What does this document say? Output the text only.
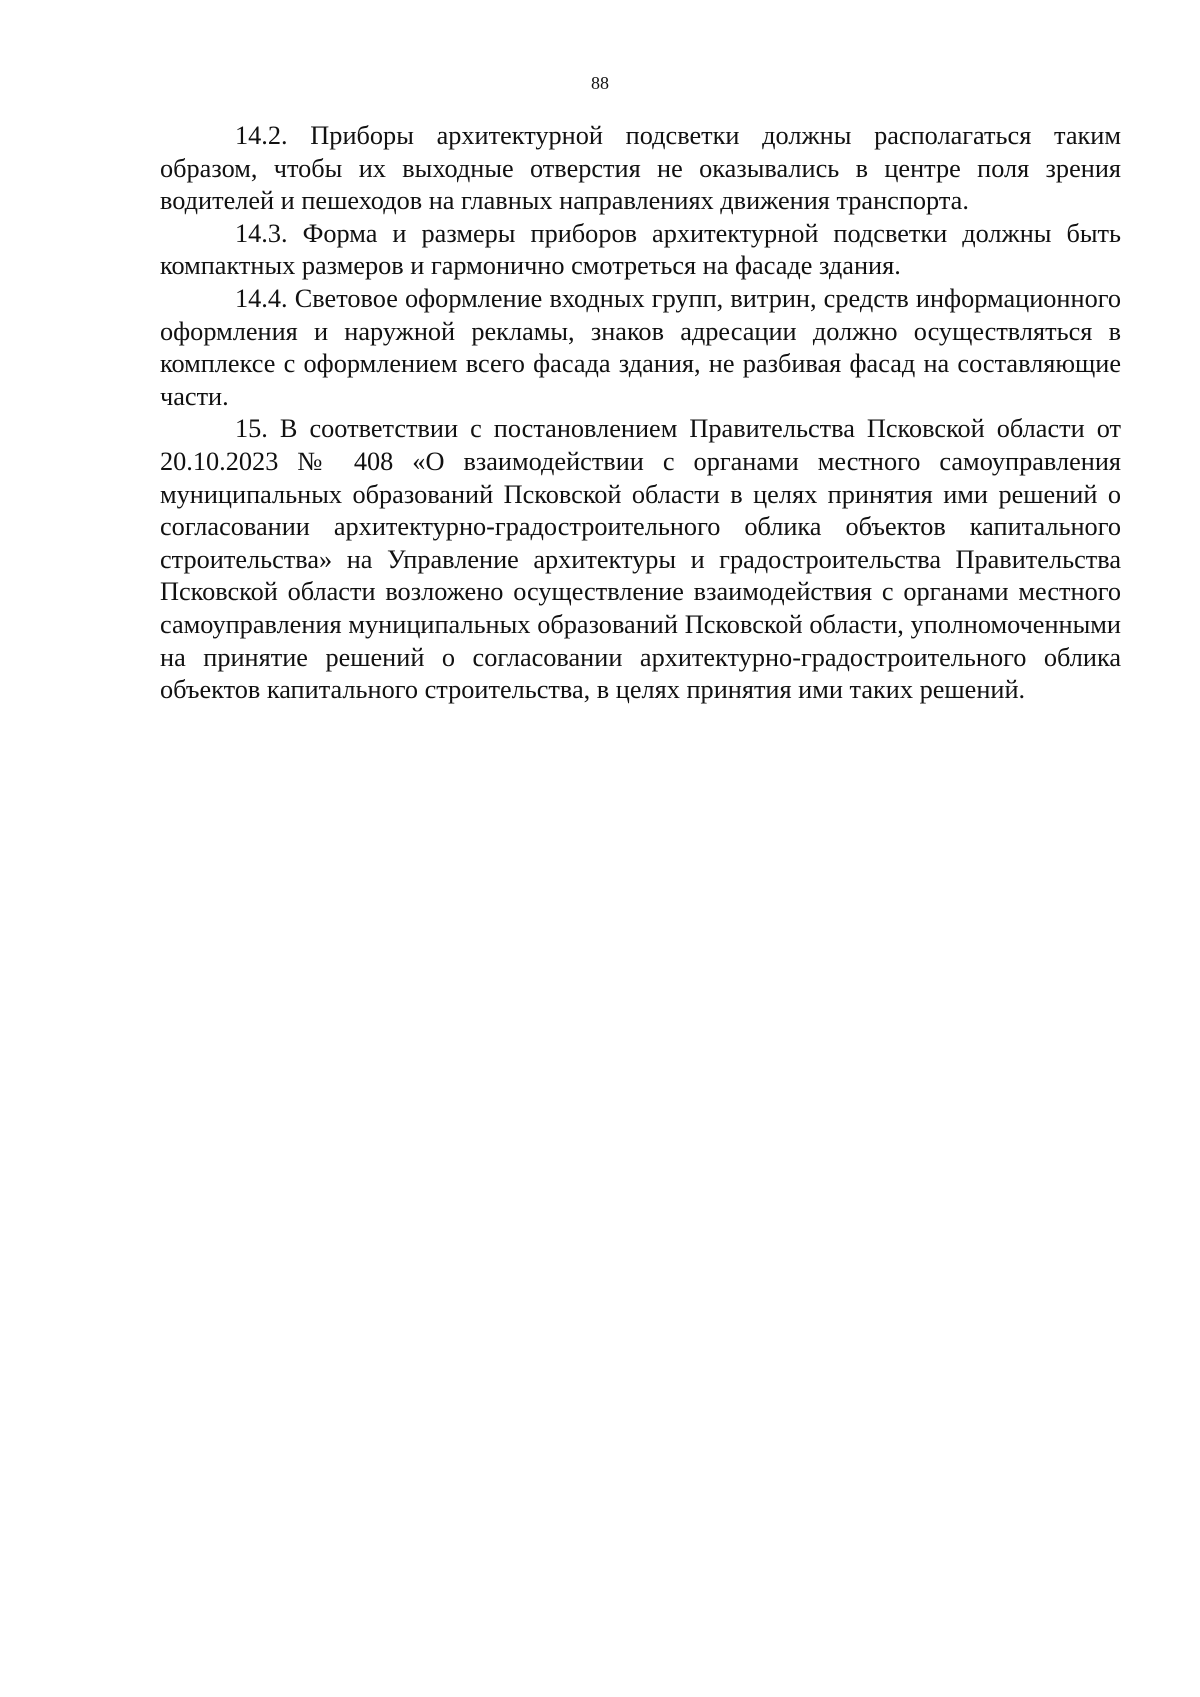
88

14.2. Приборы архитектурной подсветки должны располагаться таким образом, чтобы их выходные отверстия не оказывались в центре поля зрения водителей и пешеходов на главных направлениях движения транспорта.

14.3. Форма и размеры приборов архитектурной подсветки должны быть компактных размеров и гармонично смотреться на фасаде здания.

14.4. Световое оформление входных групп, витрин, средств информационного оформления и наружной рекламы, знаков адресации должно осуществляться в комплексе с оформлением всего фасада здания, не разбивая фасад на составляющие части.

15. В соответствии с постановлением Правительства Псковской области от 20.10.2023 № 408 «О взаимодействии с органами местного самоуправления муниципальных образований Псковской области в целях принятия ими решений о согласовании архитектурно-градостроительного облика объектов капитального строительства» на Управление архитектуры и градостроительства Правительства Псковской области возложено осуществление взаимодействия с органами местного самоуправления муниципальных образований Псковской области, уполномоченными на принятие решений о согласовании архитектурно-градостроительного облика объектов капитального строительства, в целях принятия ими таких решений.
